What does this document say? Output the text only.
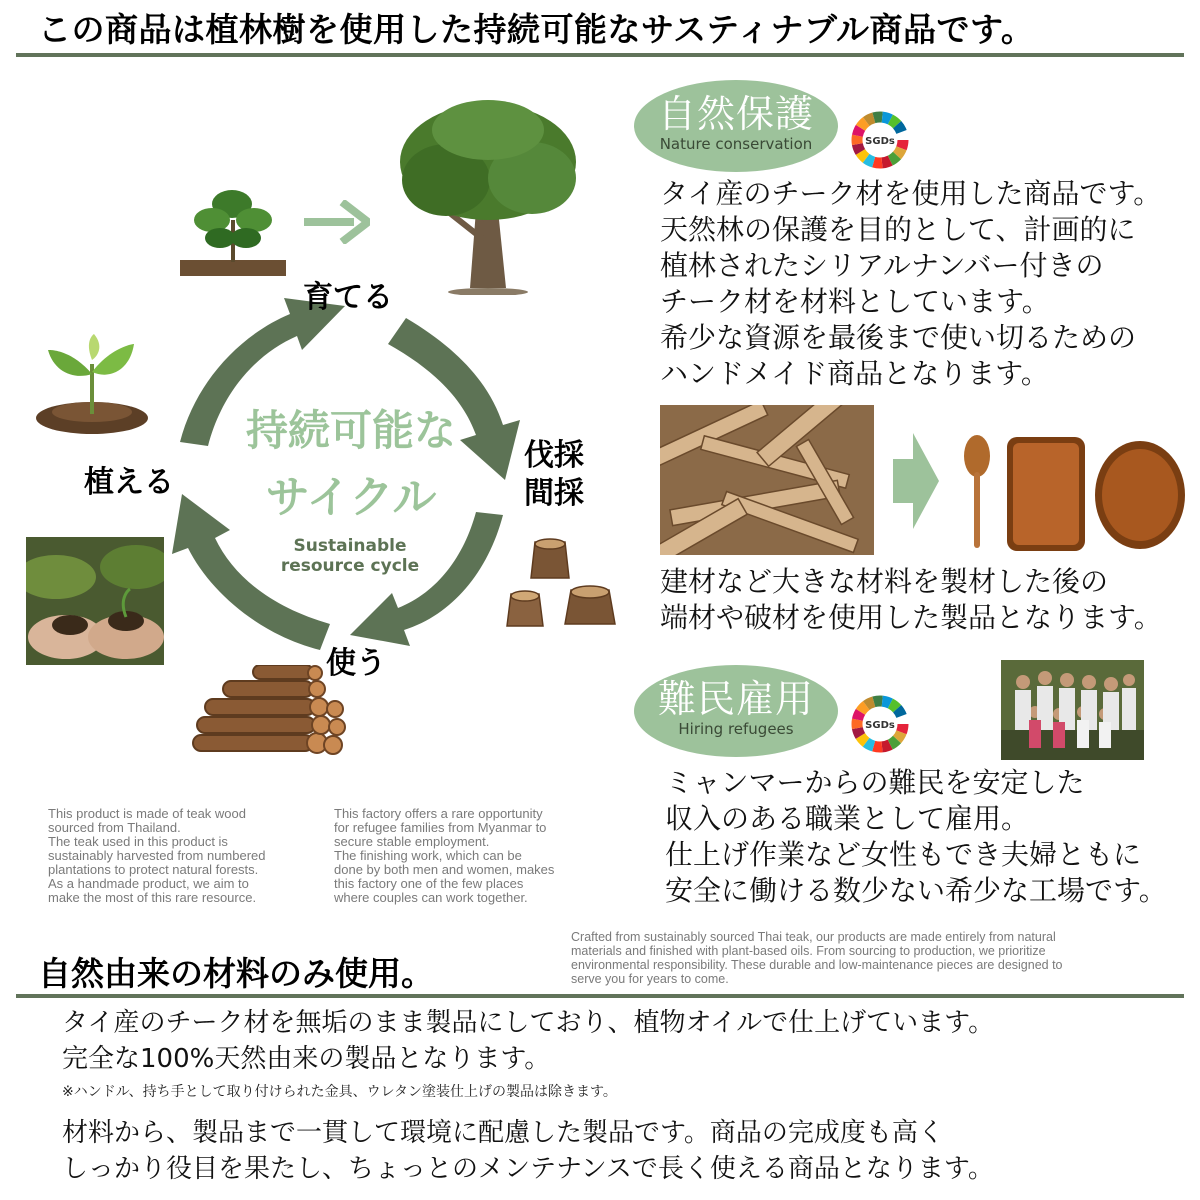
この商品は植林樹を使用した持続可能なサスティナブル商品です。
育てる
伐採
間採
使う
植える
持続可能な
サイクル
Sustainable
resource cycle
自然保護
Nature conservation	SGDs
タイ産のチーク材を使用した商品です。
天然林の保護を目的として、計画的に
植林されたシリアルナンバー付きの
チーク材を材料としています。
希少な資源を最後まで使い切るための
ハンドメイド商品となります。
建材など大きな材料を製材した後の
端材や破材を使用した製品となります。
難民雇用
Hiring refugees	SGDs
ミャンマーからの難民を安定した
収入のある職業として雇用。
仕上げ作業など女性もでき夫婦ともに
安全に働ける数少ない希少な工場です。
This product is made of teak wood
sourced from Thailand.
The teak used in this product is
sustainably harvested from numbered
plantations to protect natural forests.
As a handmade product, we aim to
make the most of this rare resource.
This factory offers a rare opportunity
for refugee families from Myanmar to
secure stable employment.
The finishing work, which can be
done by both men and women, makes
this factory one of the few places
where couples can work together.
Crafted from sustainably sourced Thai teak, our products are made entirely from natural
materials and finished with plant-based oils. From sourcing to production, we prioritize
environmental responsibility. These durable and low-maintenance pieces are designed to
serve you for years to come.
自然由来の材料のみ使用。
タイ産のチーク材を無垢のまま製品にしており、植物オイルで仕上げています。
完全な100%天然由来の製品となります。
※ハンドル、持ち手として取り付けられた金具、ウレタン塗装仕上げの製品は除きます。
材料から、製品まで一貫して環境に配慮した製品です。商品の完成度も高く
しっかり役目を果たし、ちょっとのメンテナンスで長く使える商品となります。
